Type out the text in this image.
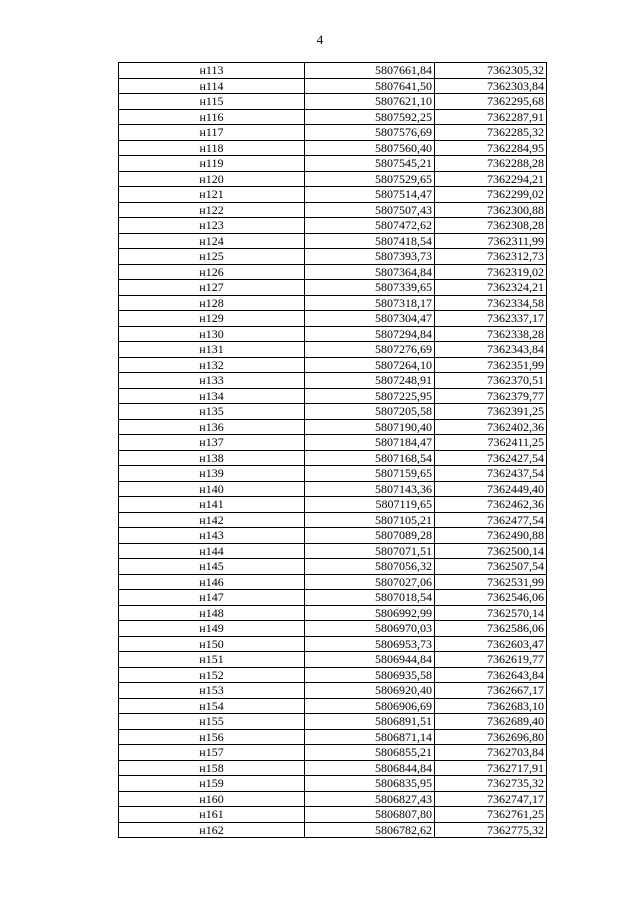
4
н113	5807661,84	7362305,32
н114	5807641,50	7362303,84
н115	5807621,10	7362295,68
н116	5807592,25	7362287,91
н117	5807576,69	7362285,32
н118	5807560,40	7362284,95
н119	5807545,21	7362288,28
н120	5807529,65	7362294,21
н121	5807514,47	7362299,02
н122	5807507,43	7362300,88
н123	5807472,62	7362308,28
н124	5807418,54	7362311,99
н125	5807393,73	7362312,73
н126	5807364,84	7362319,02
н127	5807339,65	7362324,21
н128	5807318,17	7362334,58
н129	5807304,47	7362337,17
н130	5807294,84	7362338,28
н131	5807276,69	7362343,84
н132	5807264,10	7362351,99
н133	5807248,91	7362370,51
н134	5807225,95	7362379,77
н135	5807205,58	7362391,25
н136	5807190,40	7362402,36
н137	5807184,47	7362411,25
н138	5807168,54	7362427,54
н139	5807159,65	7362437,54
н140	5807143,36	7362449,40
н141	5807119,65	7362462,36
н142	5807105,21	7362477,54
н143	5807089,28	7362490,88
н144	5807071,51	7362500,14
н145	5807056,32	7362507,54
н146	5807027,06	7362531,99
н147	5807018,54	7362546,06
н148	5806992,99	7362570,14
н149	5806970,03	7362586,06
н150	5806953,73	7362603,47
н151	5806944,84	7362619,77
н152	5806935,58	7362643,84
н153	5806920,40	7362667,17
н154	5806906,69	7362683,10
н155	5806891,51	7362689,40
н156	5806871,14	7362696,80
н157	5806855,21	7362703,84
н158	5806844,84	7362717,91
н159	5806835,95	7362735,32
н160	5806827,43	7362747,17
н161	5806807,80	7362761,25
н162	5806782,62	7362775,32
